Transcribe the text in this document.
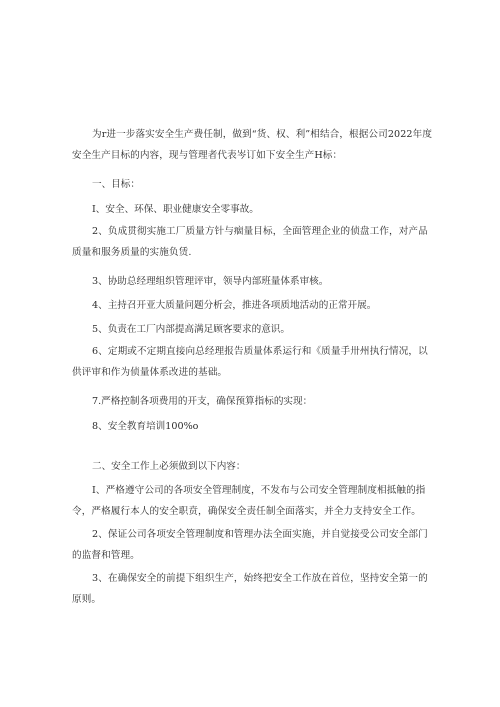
为r进一步落实安全生产费任制，做到“货、权、利”相结合，根据公司2022年度安全生产目标的内容，现与管理者代表岑订如下安全生产H标：

一、目标：

I、安全、环保、职业健康安全零事故。

2、负成贯彻实施工厂质量方针与痼量目标，全面管理企业的侦盘工作，对产品质量和服务质量的实施负赁.

3、协助总经理组织管理评审，领导内部班量体系审核。

4、主持召开亚大质量问题分析会，推进各项质地活动的正常开展。

5、负责在工厂内部提高满足顾客要求的意识。

6、定期或不定期直接向总经理报告质量体系运行和《质量手卅州执行情况，以供评审和作为侦量体系改进的基础。

7.严格控制各项费用的开支，确保预算指标的实现：

8、安全教育培训100%o

二、安全工作上必须做到以下内容：

I、严格遵守公司的各项安全管理制度，不发布与公司安全管理制度相抵触的指令，严格履行本人的安全职贲，确保安全责任制全面落实，并全力支持安全工作。

2、保证公司各项安全管理制度和管理办法全面实施，并自觉接受公司安全部门的监督和管理。

3、在确保安全的前提下组织生产，始终把安全工作放在首位，坚持安全第一的原则。
